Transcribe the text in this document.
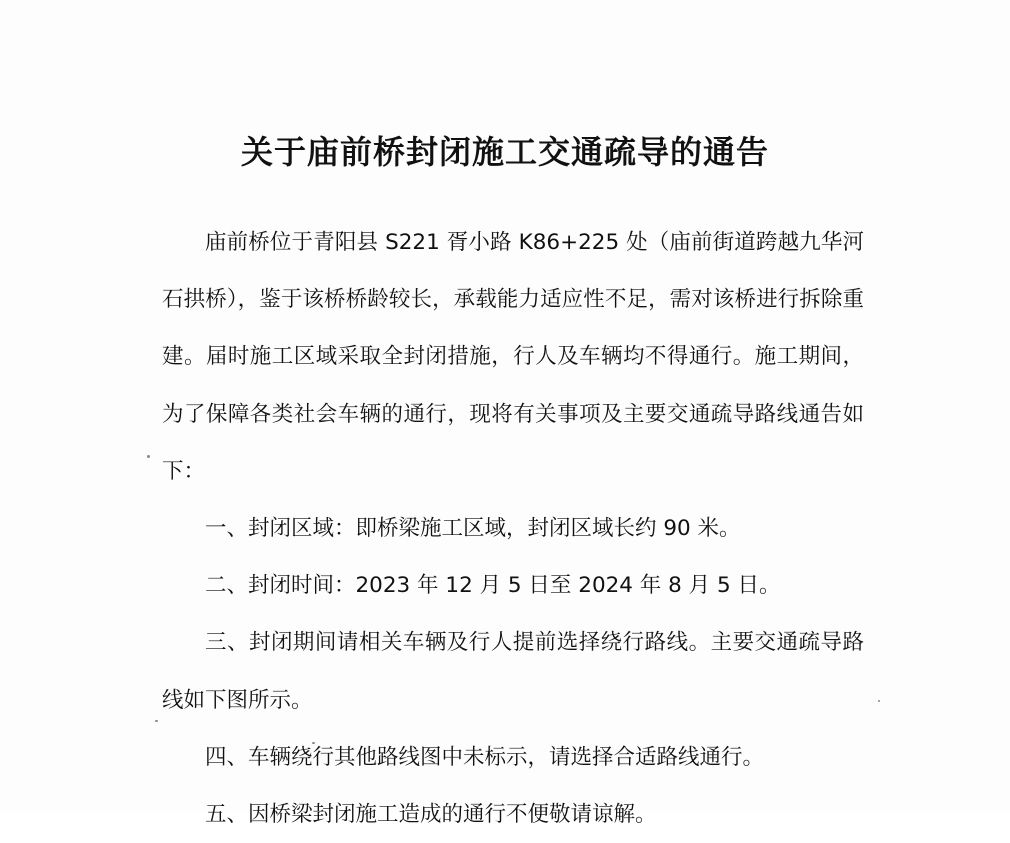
关于庙前桥封闭施工交通疏导的通告

庙前桥位于青阳县 S221 胥小路 K86+225 处（庙前街道跨越九华河石拱桥），鉴于该桥桥龄较长，承载能力适应性不足，需对该桥进行拆除重建。届时施工区域采取全封闭措施，行人及车辆均不得通行。施工期间，为了保障各类社会车辆的通行，现将有关事项及主要交通疏导路线通告如下：

一、封闭区域：即桥梁施工区域，封闭区域长约 90 米。

二、封闭时间：2023 年 12 月 5 日至 2024 年 8 月 5 日。

三、封闭期间请相关车辆及行人提前选择绕行路线。主要交通疏导路线如下图所示。

四、车辆绕行其他路线图中未标示，请选择合适路线通行。

五、因桥梁封闭施工造成的通行不便敬请谅解。
